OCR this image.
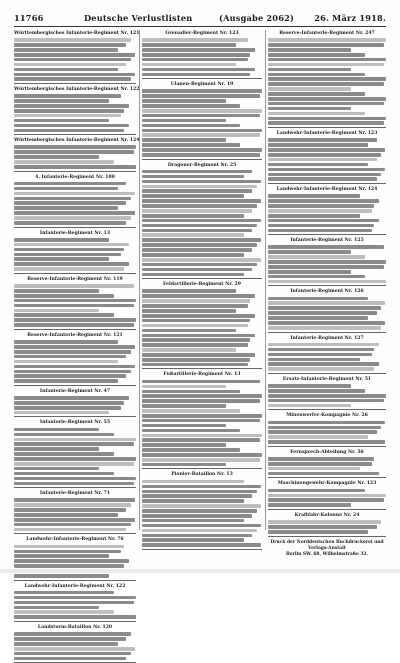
11766	Deutsche Verlustlisten	(Ausgabe 2062) 26. März 1918.
Württembergisches Infanterie-Regiment Nr. 121
Württembergisches Infanterie-Regiment Nr. 122
Württembergisches Infanterie-Regiment Nr. 124
4. Infanterie-Regiment Nr. 180
Infanterie-Regiment Nr. 13
Reserve-Infanterie-Regiment Nr. 119
Reserve-Infanterie-Regiment Nr. 121
Infanterie-Regiment Nr. 47
Infanterie-Regiment Nr. 55
Infanterie-Regiment Nr. 71
Landwehr-Infanterie-Regiment Nr. 76
Landwehr-Infanterie-Regiment Nr. 122
Landsturm-Bataillon Nr. 120
Grenadier-Regiment Nr. 123
Ulanen-Regiment Nr. 19
Dragoner-Regiment Nr. 25
Feldartillerie-Regiment Nr. 29
Fußartillerie-Regiment Nr. 13
Pionier-Bataillon Nr. 13
Reserve-Infanterie-Regiment Nr. 247
Landwehr-Infanterie-Regiment Nr. 123
Landwehr-Infanterie-Regiment Nr. 124
Infanterie-Regiment Nr. 125
Infanterie-Regiment Nr. 126
Infanterie-Regiment Nr. 127
Ersatz-Infanterie-Regiment Nr. 51
Minenwerfer-Kompagnie Nr. 26
Fernsprech-Abteilung Nr. 56
Maschinengewehr-Kompagnie Nr. 123
Kraftfahr-Kolonne Nr. 24
Druck der Norddeutschen Buchdruckerei und Verlags-Anstalt
Berlin SW. 68, Wilhelmstraße 32.
